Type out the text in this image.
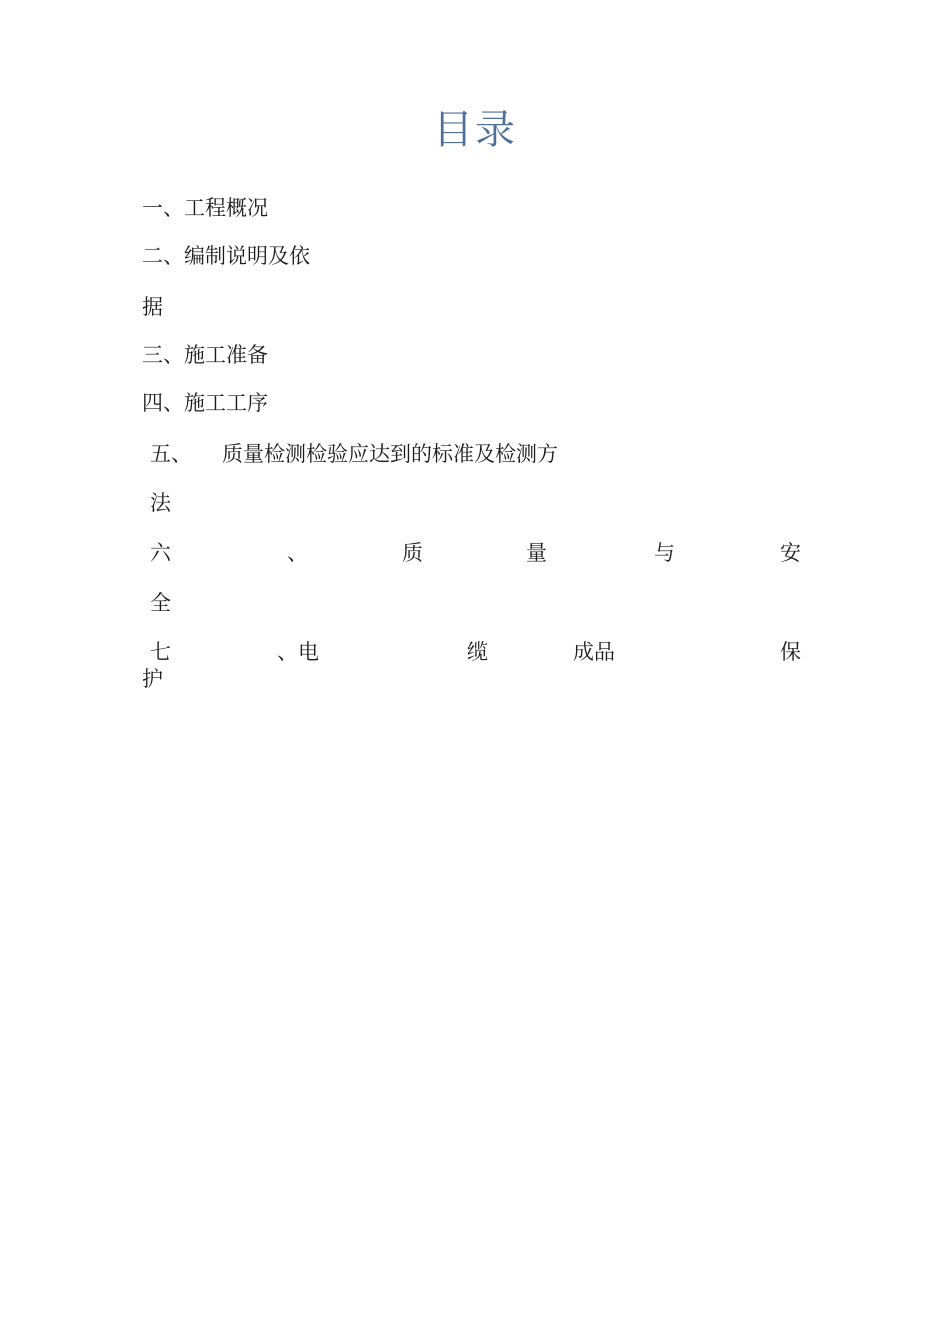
目录
一、工程概况
二、编制说明及依
据
三、施工准备
四、施工工序
五、 质量检测检验应达到的标准及检测方
法
六	、	质	量	与	安
全
七	、电	缆	成品	保
护
